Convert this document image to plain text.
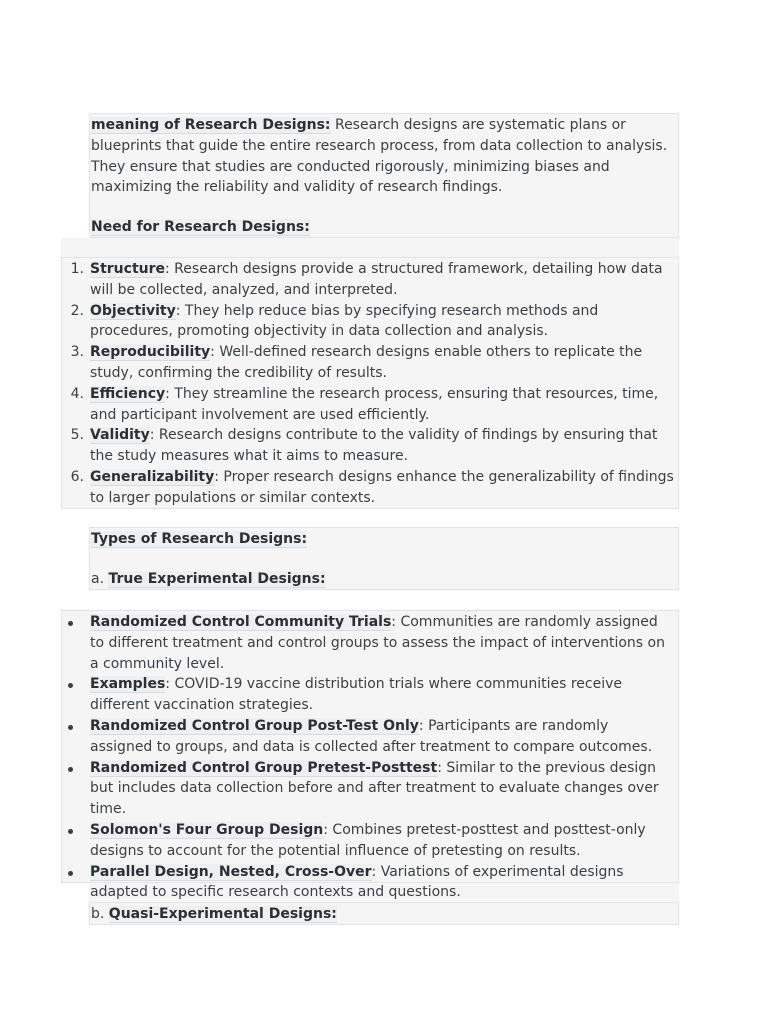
meaning of Research Designs: Research designs are systematic plans or blueprints that guide the entire research process, from data collection to analysis. They ensure that studies are conducted rigorously, minimizing biases and maximizing the reliability and validity of research findings.

Need for Research Designs:

1. Structure: Research designs provide a structured framework, detailing how data will be collected, analyzed, and interpreted.
2. Objectivity: They help reduce bias by specifying research methods and procedures, promoting objectivity in data collection and analysis.
3. Reproducibility: Well-defined research designs enable others to replicate the study, confirming the credibility of results.
4. Efficiency: They streamline the research process, ensuring that resources, time, and participant involvement are used efficiently.
5. Validity: Research designs contribute to the validity of findings by ensuring that the study measures what it aims to measure.
6. Generalizability: Proper research designs enhance the generalizability of findings to larger populations or similar contexts.

Types of Research Designs:

a. True Experimental Designs:

Randomized Control Community Trials: Communities are randomly assigned to different treatment and control groups to assess the impact of interventions on a community level.
Examples: COVID-19 vaccine distribution trials where communities receive different vaccination strategies.
Randomized Control Group Post-Test Only: Participants are randomly assigned to groups, and data is collected after treatment to compare outcomes.
Randomized Control Group Pretest-Posttest: Similar to the previous design but includes data collection before and after treatment to evaluate changes over time.
Solomon's Four Group Design: Combines pretest-posttest and posttest-only designs to account for the potential influence of pretesting on results.
Parallel Design, Nested, Cross-Over: Variations of experimental designs adapted to specific research contexts and questions.

b. Quasi-Experimental Designs:
